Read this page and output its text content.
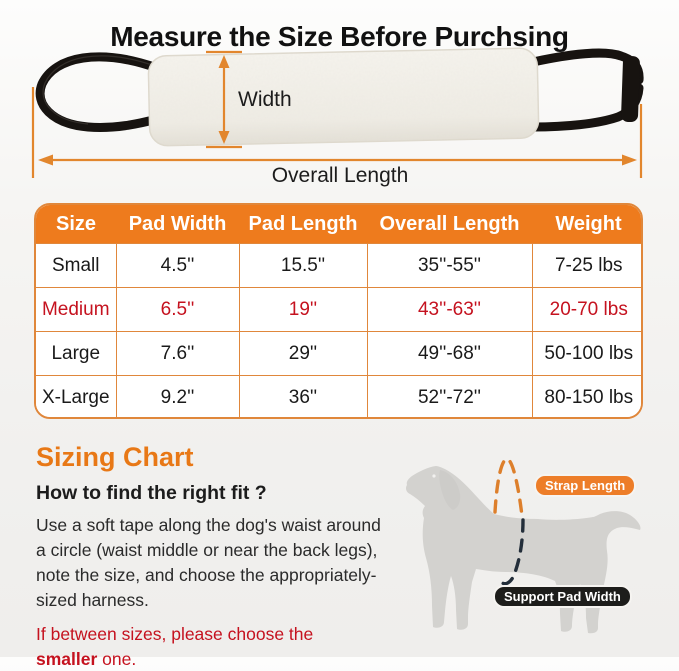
Measure the Size Before Purchsing
Width
Overall Length
Size	Pad Width	Pad Length	Overall Length	Weight
Small	4.5''	15.5''	35''-55''	7-25 lbs
Medium	6.5''	19''	43''-63''	20-70 lbs
Large	7.6''	29''	49''-68''	50-100 lbs
X-Large	9.2''	36''	52''-72''	80-150 lbs
Sizing Chart
How to find the right fit ?

Use a soft tape along the dog's waist around a circle (waist middle or near the back legs), note the size, and choose the appropriately-sized harness.

If between sizes, please choose the
smaller one.

Strap Length
Support Pad Width
